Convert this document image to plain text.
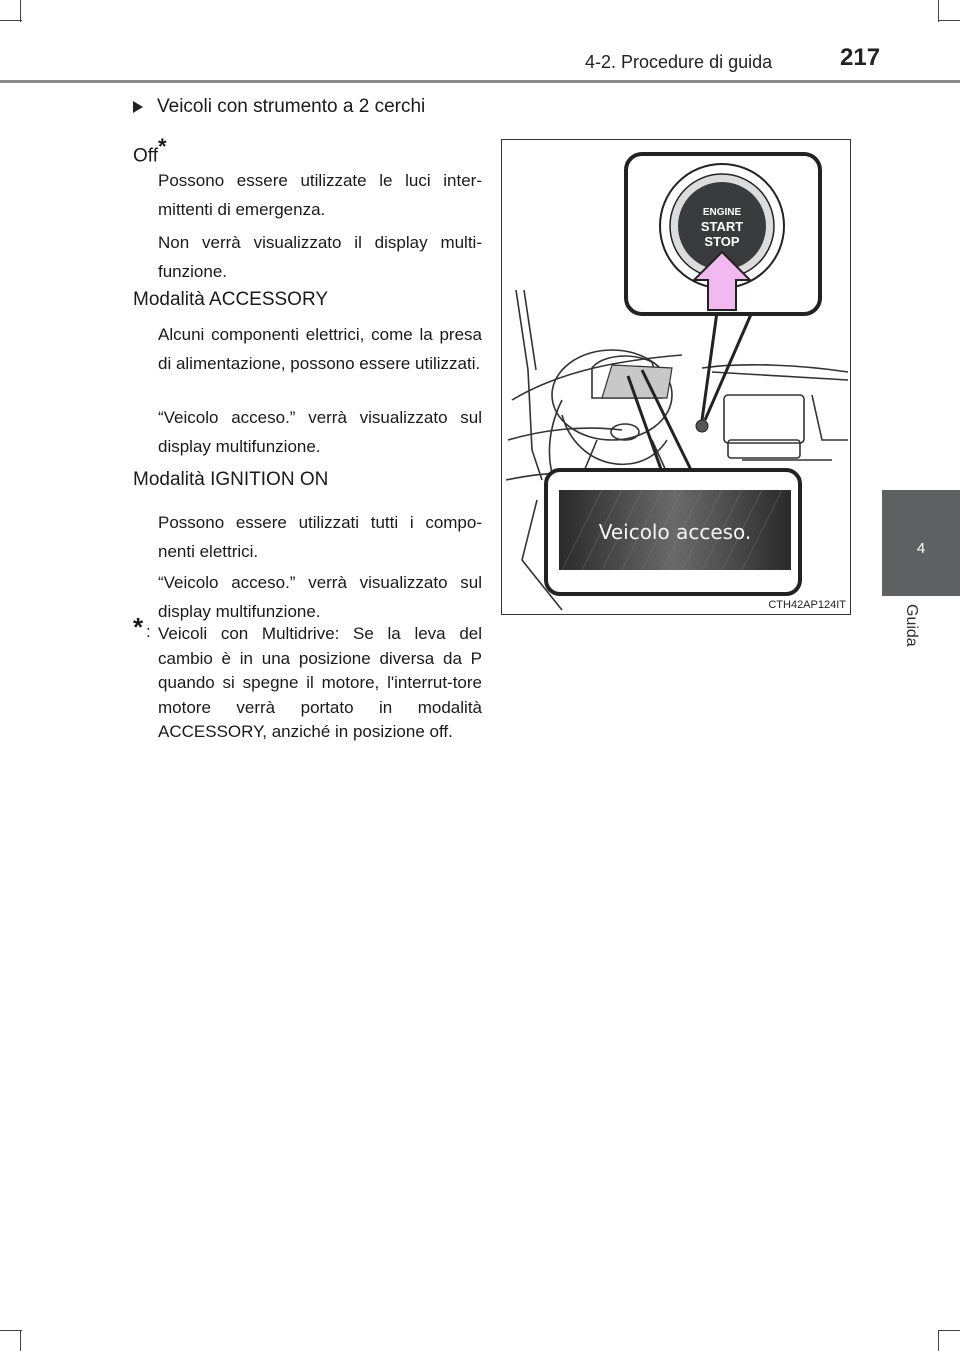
4-2. Procedure di guida	217
4
Guida
Veicoli con strumento a 2 cerchi
Off*
Possono essere utilizzate le luci inter-mittenti di emergenza.
Non verrà visualizzato il display multi-funzione.
Modalità ACCESSORY
Alcuni componenti elettrici, come la presa di alimentazione, possono essere utilizzati.
“Veicolo acceso.” verrà visualizzato sul display multifunzione.
Modalità IGNITION ON
Possono essere utilizzati tutti i compo-nenti elettrici.
“Veicolo acceso.” verrà visualizzato sul display multifunzione.
* : Veicoli con Multidrive: Se la leva del cambio è in una posizione diversa da P quando si spegne il motore, l'interrut-tore motore verrà portato in modalità ACCESSORY, anziché in posizione off.
ENGINE
START
STOP
Veicolo acceso.
CTH42AP124IT
